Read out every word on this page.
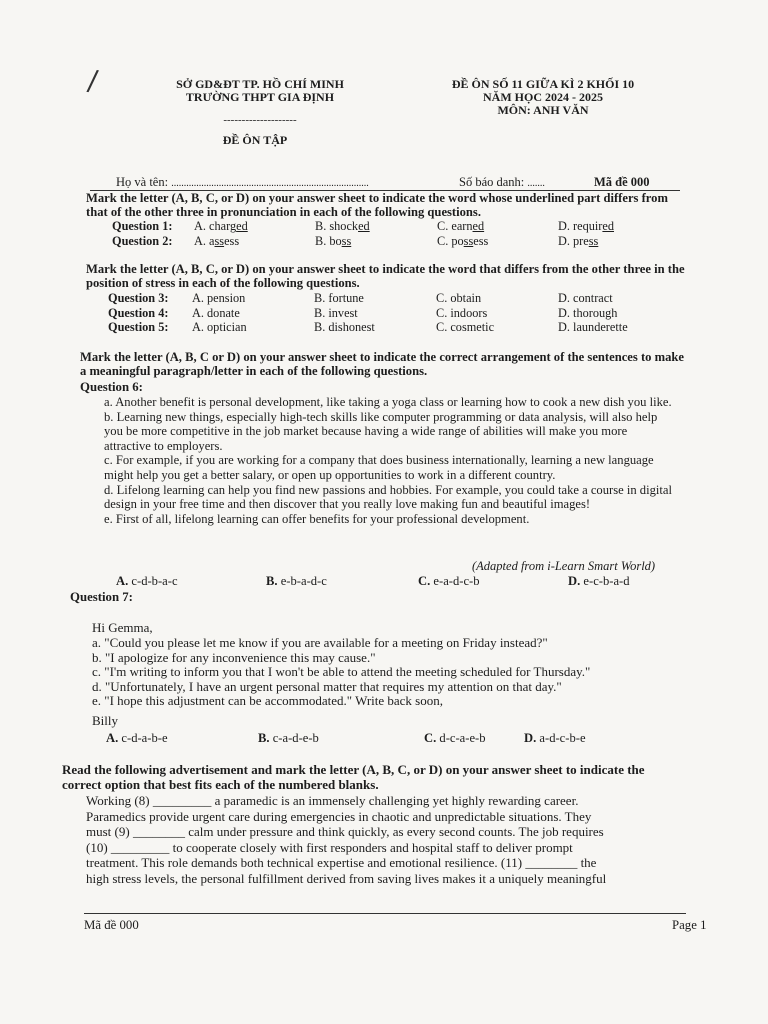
/	SỞ GD&ĐT TP. HỒ CHÍ MINH
TRƯỜNG THPT GIA ĐỊNH
--------------------
ĐỀ ÔN TẬP
ĐỀ ÔN SỐ 11 GIỮA KÌ 2 KHỐI 10
NĂM HỌC 2024 - 2025
MÔN: ANH VĂN
Họ và tên: ...............................................................................	Số báo danh: .......	Mã đề 000
Mark the letter (A, B, C, or D) on your answer sheet to indicate the word whose underlined part differs from that of the other three in pronunciation in each of the following questions.
Question 1: A. charged	B. shocked	C. earned	D. required
Question 2: A. assess	B. boss	C. possess	D. press
Mark the letter (A, B, C, or D) on your answer sheet to indicate the word that differs from the other three in the position of stress in each of the following questions.
Question 3: A. pension	B. fortune	C. obtain	D. contract
Question 4: A. donate	B. invest	C. indoors	D. thorough
Question 5: A. optician	B. dishonest	C. cosmetic	D. launderette
Mark the letter (A, B, C or D) on your answer sheet to indicate the correct arrangement of the sentences to make a meaningful paragraph/letter in each of the following questions.
Question 6:
a. Another benefit is personal development, like taking a yoga class or learning how to cook a new dish you like.
b. Learning new things, especially high-tech skills like computer programming or data analysis, will also help you be more competitive in the job market because having a wide range of abilities will make you more attractive to employers.
c. For example, if you are working for a company that does business internationally, learning a new language might help you get a better salary, or open up opportunities to work in a different country.
d. Lifelong learning can help you find new passions and hobbies. For example, you could take a course in digital design in your free time and then discover that you really love making fun and beautiful images!
e. First of all, lifelong learning can offer benefits for your professional development.
(Adapted from i-Learn Smart World)
A. c-d-b-a-c	B. e-b-a-d-c	C. e-a-d-c-b	D. e-c-b-a-d
Question 7:
Hi Gemma,
a. "Could you please let me know if you are available for a meeting on Friday instead?"
b. "I apologize for any inconvenience this may cause."
c. "I'm writing to inform you that I won't be able to attend the meeting scheduled for Thursday."
d. "Unfortunately, I have an urgent personal matter that requires my attention on that day."
e. "I hope this adjustment can be accommodated." Write back soon,
Billy
A. c-d-a-b-e	B. c-a-d-e-b	C. d-c-a-e-b	D. a-d-c-b-e
Read the following advertisement and mark the letter (A, B, C, or D) on your answer sheet to indicate the correct option that best fits each of the numbered blanks.
Working (8) _________ a paramedic is an immensely challenging yet highly rewarding career.
Paramedics provide urgent care during emergencies in chaotic and unpredictable situations. They
must (9) ________ calm under pressure and think quickly, as every second counts. The job requires
(10) _________ to cooperate closely with first responders and hospital staff to deliver prompt
treatment. This role demands both technical expertise and emotional resilience. (11) ________ the
high stress levels, the personal fulfillment derived from saving lives makes it a uniquely meaningful
Mã đề 000	Page 1
